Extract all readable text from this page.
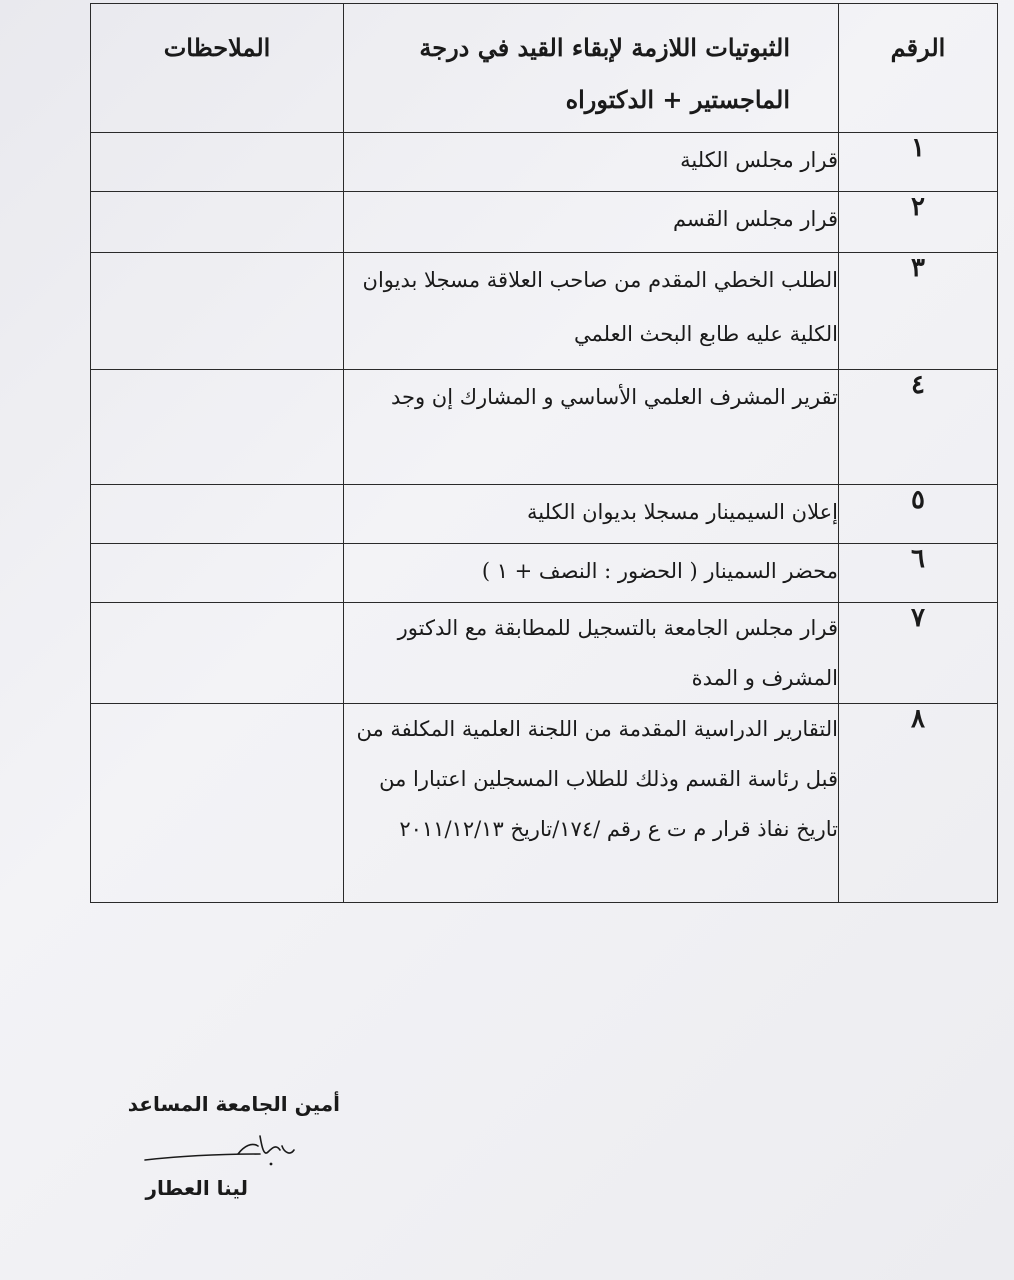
الرقم	الثبوتيات اللازمة لإبقاء القيد في درجة الماجستير + الدكتوراه	الملاحظات

١	قرار مجلس الكلية	
٢	قرار مجلس القسم	
٣	الطلب الخطي المقدم من صاحب العلاقة مسجلا بديوان الكلية عليه طابع البحث العلمي	
٤	تقرير المشرف العلمي الأساسي و المشارك إن وجد	
٥	إعلان السيمينار مسجلا بديوان الكلية	
٦	محضر السمينار ( الحضور : النصف + ١ )	
٧	قرار مجلس الجامعة بالتسجيل للمطابقة مع الدكتور المشرف و المدة	
٨	التقارير الدراسية المقدمة من اللجنة العلمية المكلفة من قبل رئاسة القسم وذلك للطلاب المسجلين اعتبارا من تاريخ نفاذ قرار م ت ع رقم /١٧٤/تاريخ ٢٠١١/١٢/١٣	
أمين الجامعة المساعد
لينا العطار
